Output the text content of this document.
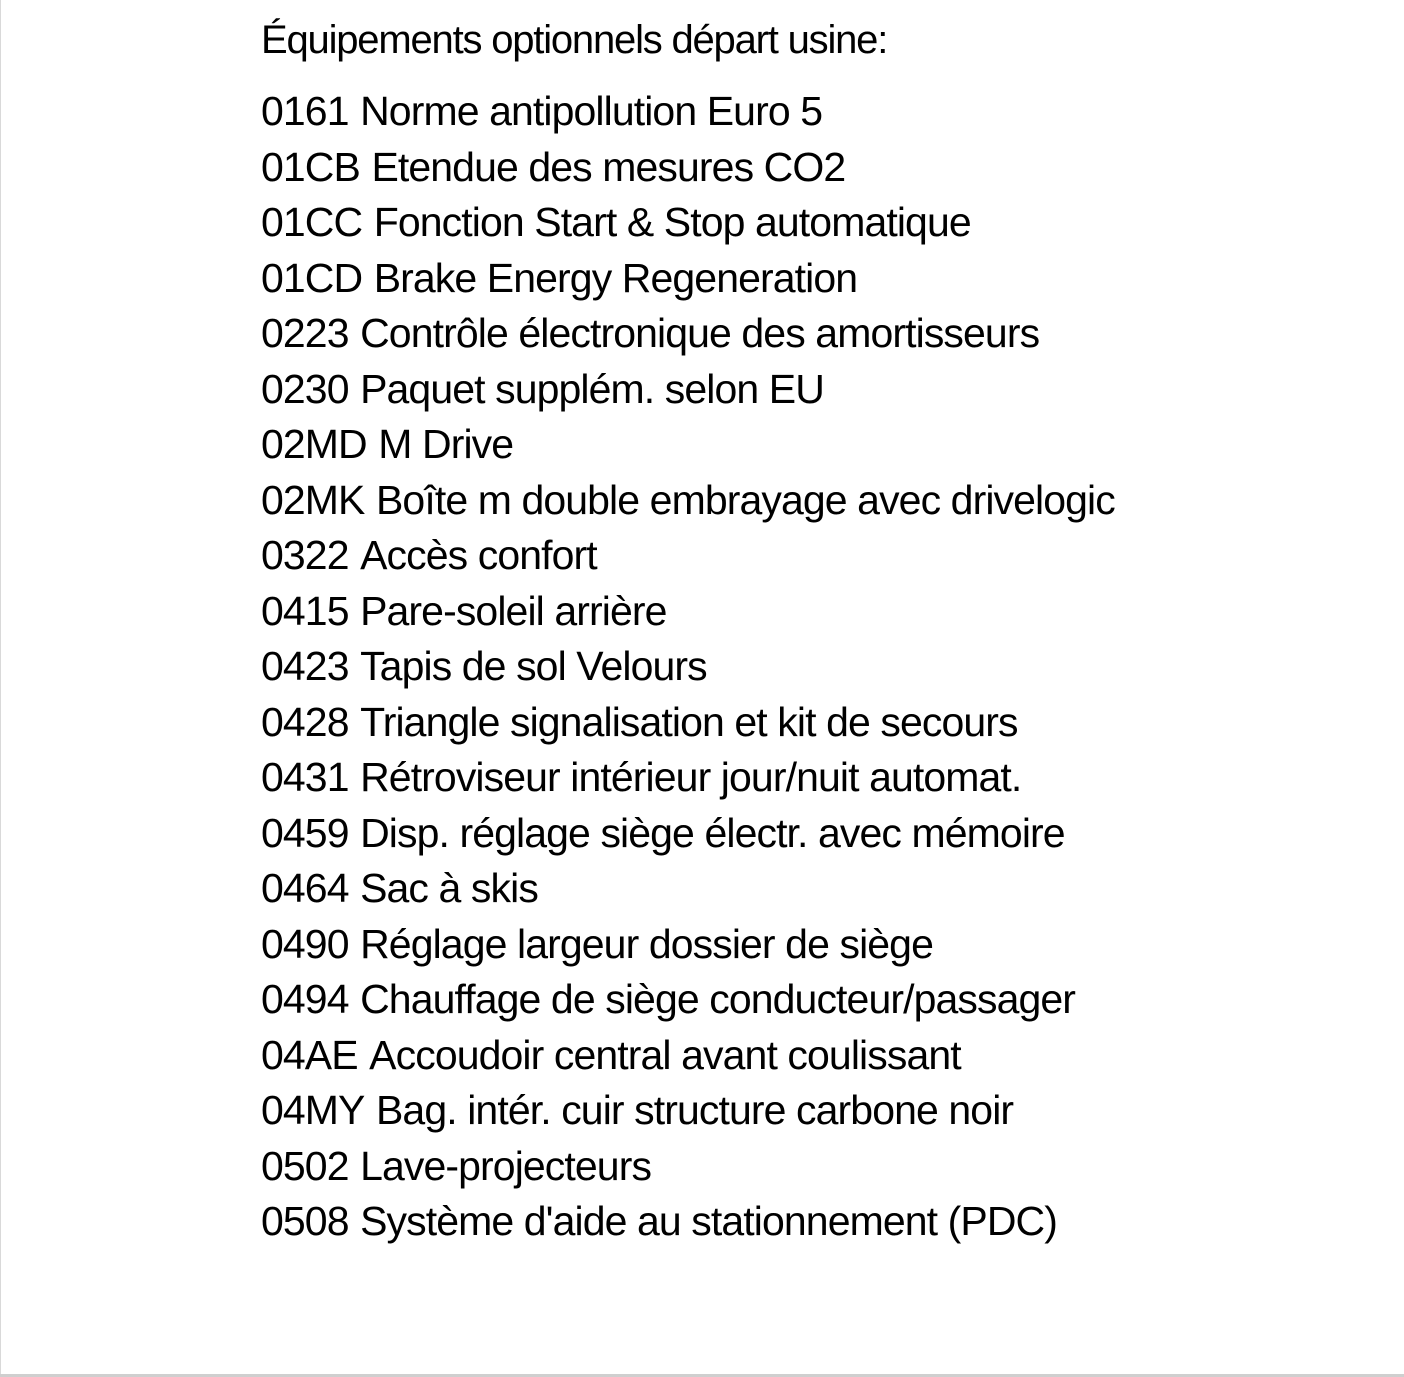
Équipements optionnels départ usine:
0161 Norme antipollution Euro 5
01CB Etendue des mesures CO2
01CC Fonction Start & Stop automatique
01CD Brake Energy Regeneration
0223 Contrôle électronique des amortisseurs
0230 Paquet supplém. selon EU
02MD M Drive
02MK Boîte m double embrayage avec drivelogic
0322 Accès confort
0415 Pare-soleil arrière
0423 Tapis de sol Velours
0428 Triangle signalisation et kit de secours
0431 Rétroviseur intérieur jour/nuit automat.
0459 Disp. réglage siège électr. avec mémoire
0464 Sac à skis
0490 Réglage largeur dossier de siège
0494 Chauffage de siège conducteur/passager
04AE Accoudoir central avant coulissant
04MY Bag. intér. cuir structure carbone noir
0502 Lave-projecteurs
0508 Système d'aide au stationnement (PDC)
